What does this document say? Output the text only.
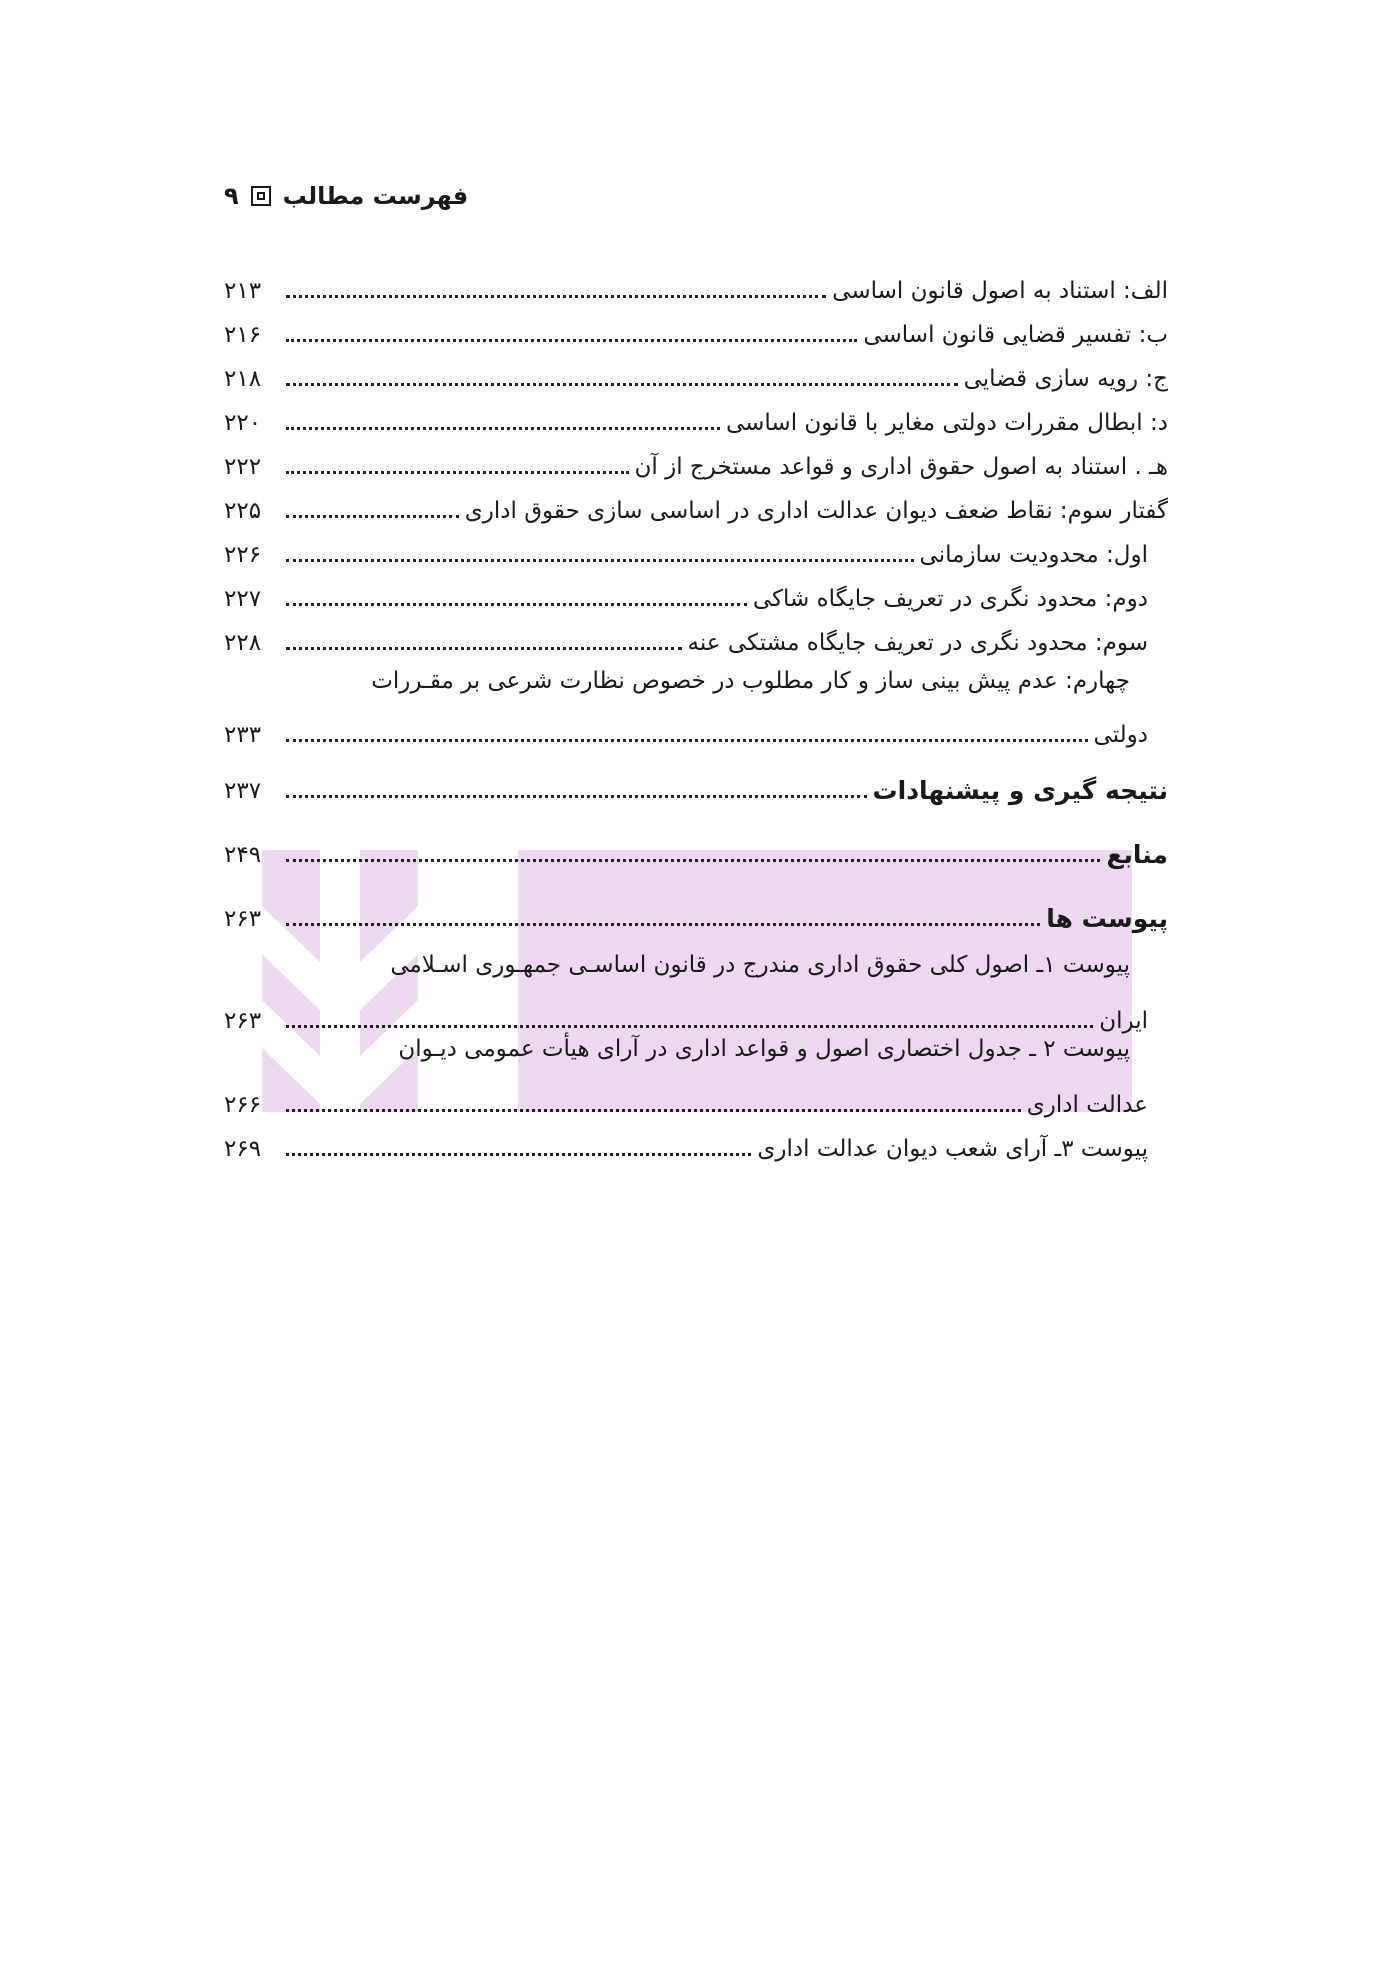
فهرست مطالب
۹
الف: استناد به اصول قانون اساسی
۲۱۳
ب: تفسیر قضایی قانون اساسی
۲۱۶
ج: رویه سازی قضایی
۲۱۸
د: ابطال مقررات دولتی مغایر با قانون اساسی
۲۲۰
هـ . استناد به اصول حقوق اداری و قواعد مستخرج از آن
۲۲۲
گفتار سوم: نقاط ضعف دیوان عدالت اداری در اساسی سازی حقوق اداری
۲۲۵
اول: محدودیت سازمانی
۲۲۶
دوم: محدود نگری در تعریف جایگاه شاکی
۲۲۷
سوم: محدود نگری در تعریف جایگاه مشتکی عنه
۲۲۸
چهارم: عدم پیش بینی ساز و کار مطلوب در خصوص نظارت شرعی بر مقـررات
دولتی
۲۳۳
نتیجه گیری و پیشنهادات
۲۳۷
منابع
۲۴۹
پیوست ها
۲۶۳
پیوست ۱ـ اصول کلی حقوق اداری مندرج در قانون اساسـی جمهـوری اسـلامی
ایران
۲۶۳
پیوست ۲ ـ جدول اختصاری اصول و قواعد اداری در آرای هیأت عمومی دیـوان
عدالت اداری
۲۶۶
پیوست ۳ـ آرای شعب دیوان عدالت اداری
۲۶۹
